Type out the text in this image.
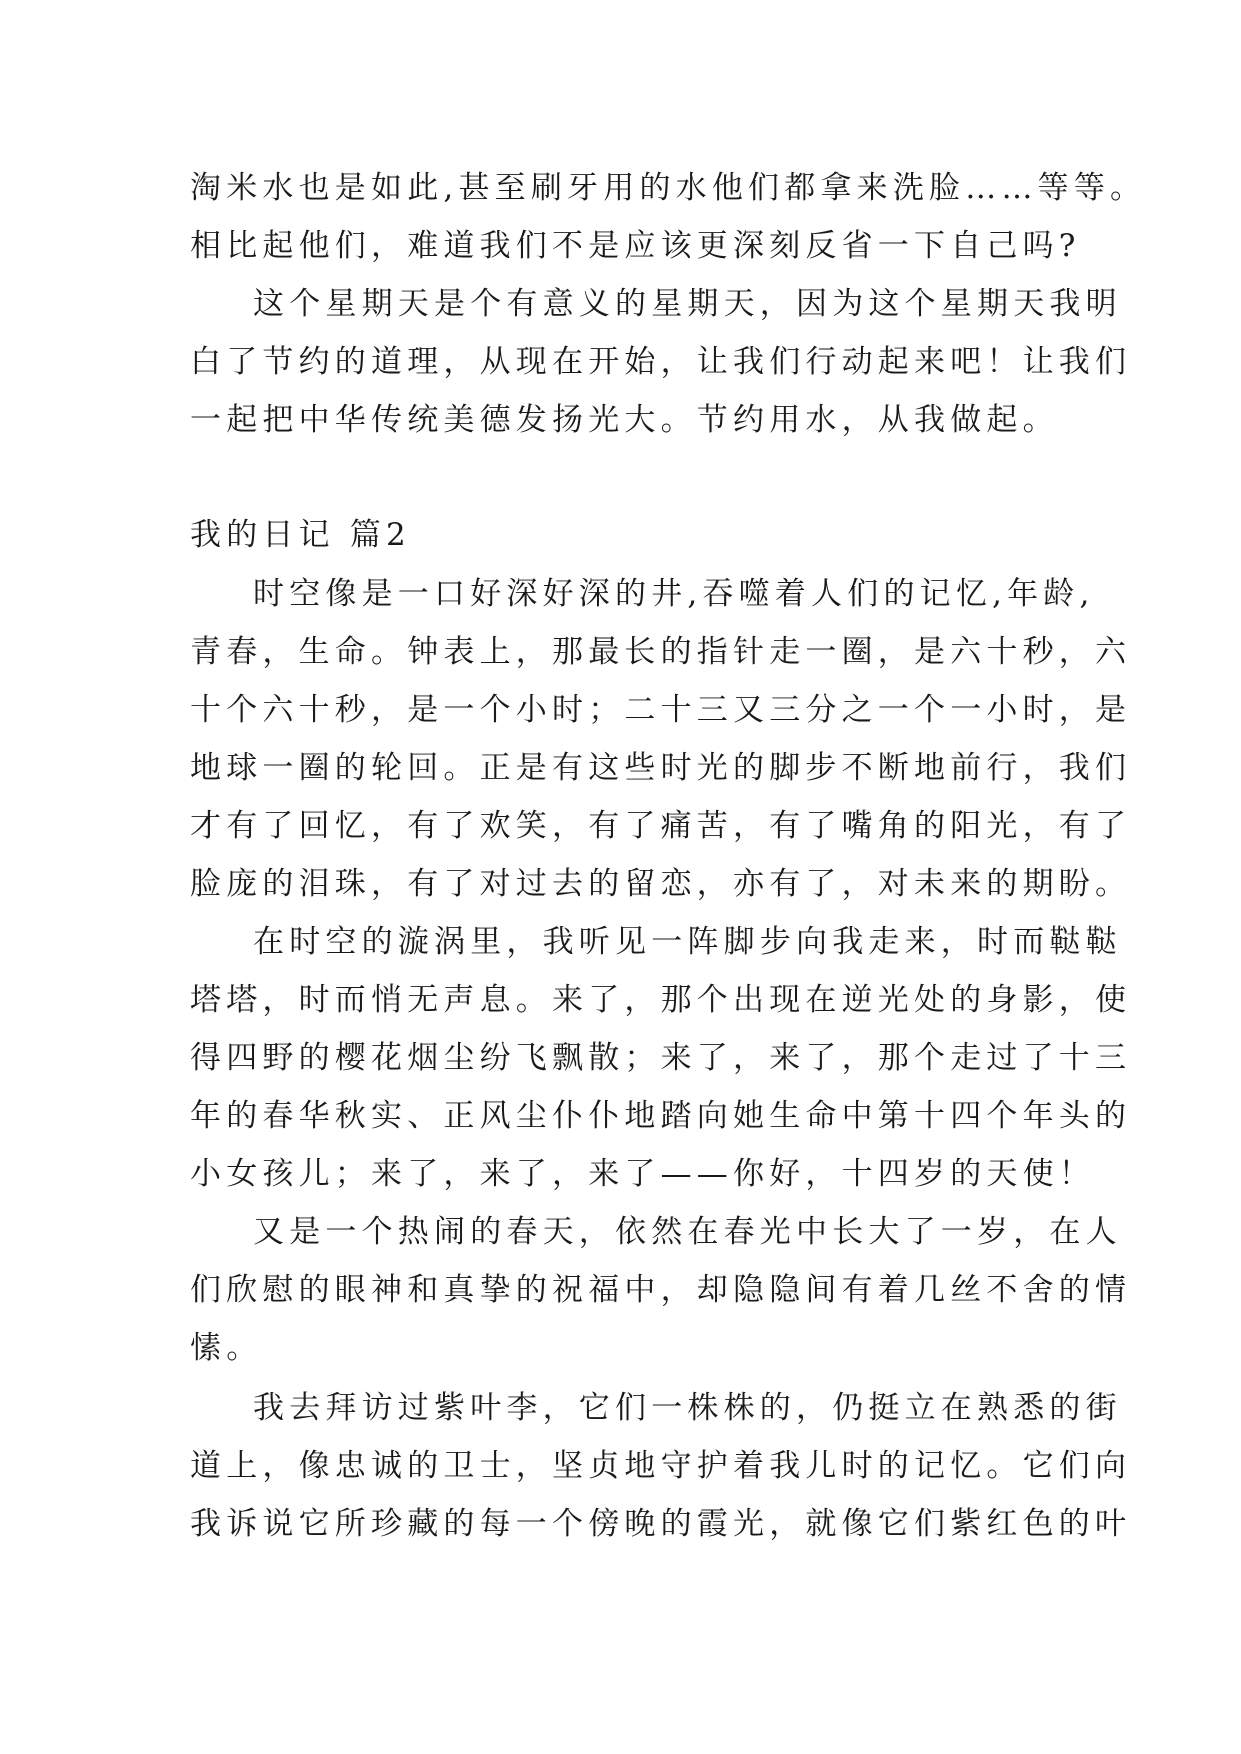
淘米水也是如此,甚至刷牙用的水他们都拿来洗脸……等等。
相比起他们，难道我们不是应该更深刻反省一下自己吗?
这个星期天是个有意义的星期天，因为这个星期天我明
白了节约的道理，从现在开始，让我们行动起来吧！让我们
一起把中华传统美德发扬光大。节约用水，从我做起。
我的日记 篇2
时空像是一口好深好深的井,吞噬着人们的记忆,年龄,
青春，生命。钟表上，那最长的指针走一圈，是六十秒，六
十个六十秒，是一个小时；二十三又三分之一个一小时，是
地球一圈的轮回。正是有这些时光的脚步不断地前行，我们
才有了回忆，有了欢笑，有了痛苦，有了嘴角的阳光，有了
脸庞的泪珠，有了对过去的留恋，亦有了，对未来的期盼。
在时空的漩涡里，我听见一阵脚步向我走来，时而鞑鞑
塔塔，时而悄无声息。来了，那个出现在逆光处的身影，使
得四野的樱花烟尘纷飞飘散；来了，来了，那个走过了十三
年的春华秋实、正风尘仆仆地踏向她生命中第十四个年头的
小女孩儿；来了，来了，来了——你好，十四岁的天使！
又是一个热闹的春天，依然在春光中长大了一岁，在人
们欣慰的眼神和真挚的祝福中，却隐隐间有着几丝不舍的情
愫。
我去拜访过紫叶李，它们一株株的，仍挺立在熟悉的街
道上，像忠诚的卫士，坚贞地守护着我儿时的记忆。它们向
我诉说它所珍藏的每一个傍晚的霞光，就像它们紫红色的叶
